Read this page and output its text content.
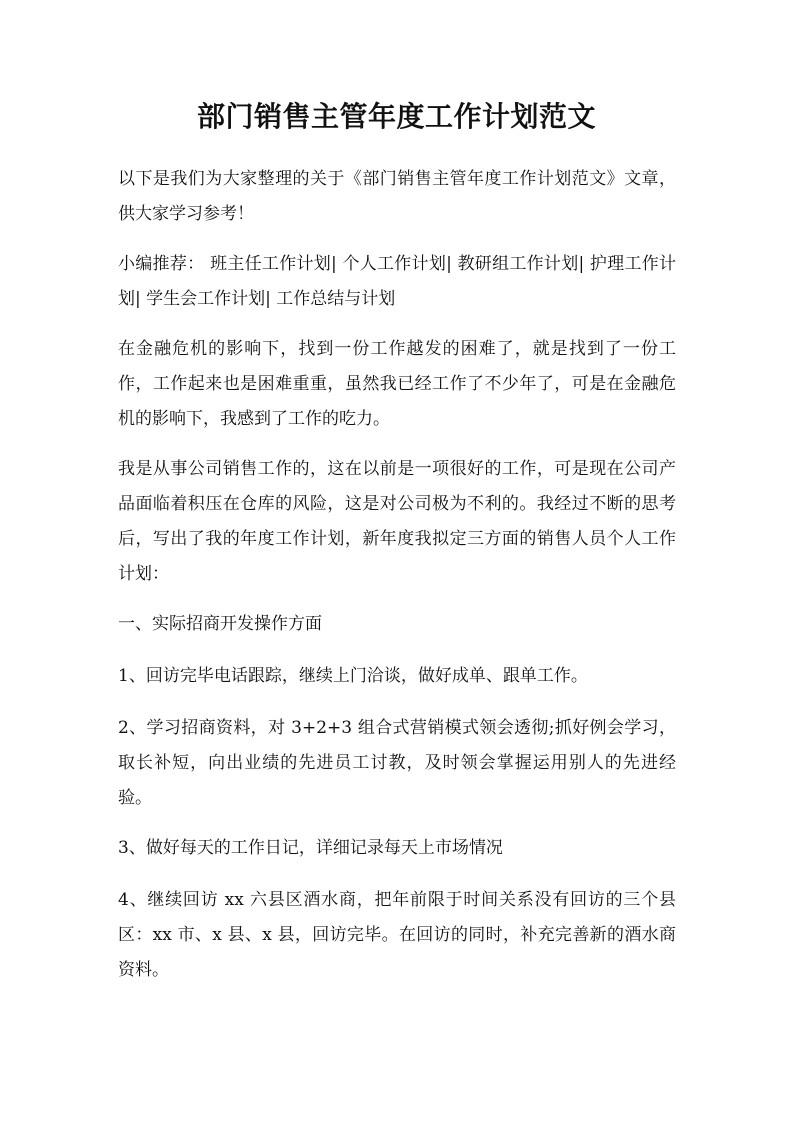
部门销售主管年度工作计划范文

以下是我们为大家整理的关于《部门销售主管年度工作计划范文》文章，供大家学习参考！

小编推荐： 班主任工作计划| 个人工作计划| 教研组工作计划| 护理工作计划| 学生会工作计划| 工作总结与计划

在金融危机的影响下，找到一份工作越发的困难了，就是找到了一份工作，工作起来也是困难重重，虽然我已经工作了不少年了，可是在金融危机的影响下，我感到了工作的吃力。

我是从事公司销售工作的，这在以前是一项很好的工作，可是现在公司产品面临着积压在仓库的风险，这是对公司极为不利的。我经过不断的思考后，写出了我的年度工作计划，新年度我拟定三方面的销售人员个人工作计划：

一、实际招商开发操作方面

1、回访完毕电话跟踪，继续上门洽谈，做好成单、跟单工作。

2、学习招商资料，对 3+2+3 组合式营销模式领会透彻;抓好例会学习，取长补短，向出业绩的先进员工讨教，及时领会掌握运用别人的先进经验。

3、做好每天的工作日记，详细记录每天上市场情况

4、继续回访 xx 六县区酒水商，把年前限于时间关系没有回访的三个县区：xx 市、x 县、x 县，回访完毕。在回访的同时，补充完善新的酒水商资料。
